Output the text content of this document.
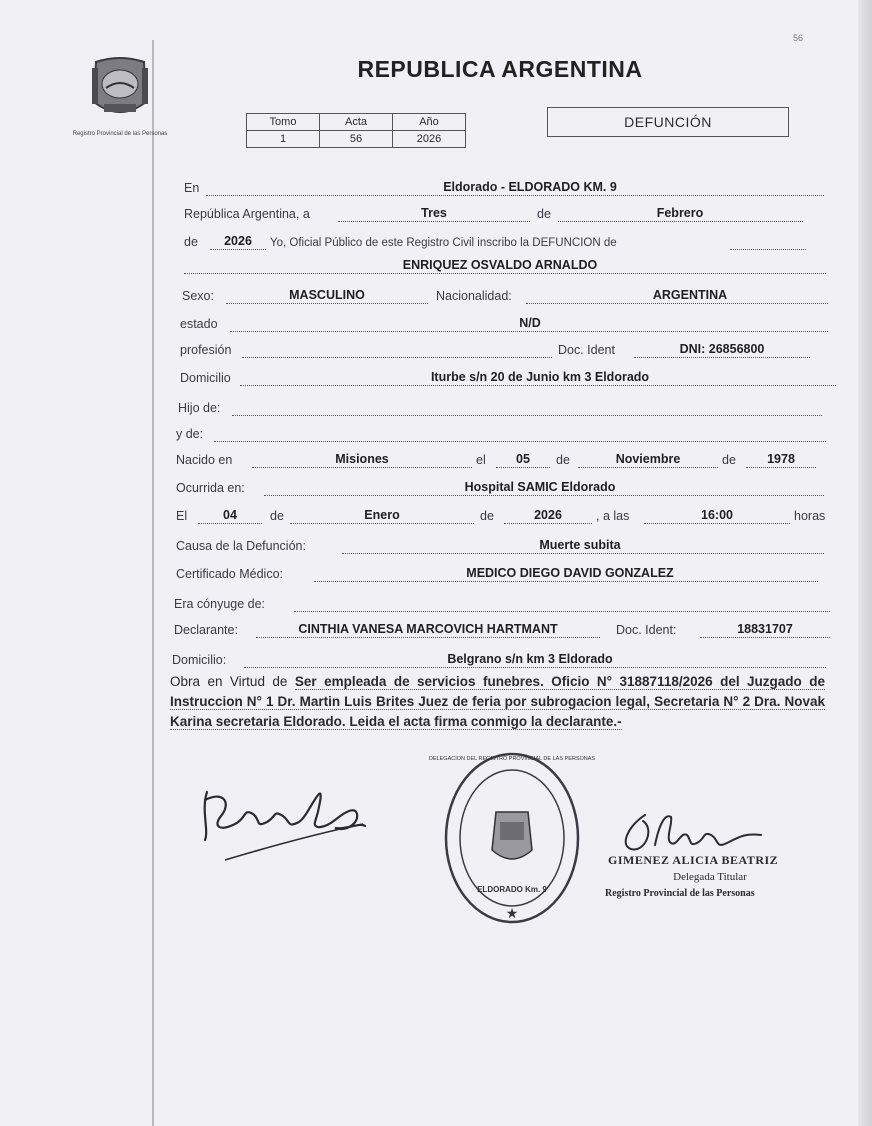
56
Registro Provincial de las Personas
REPUBLICA ARGENTINA
Tomo	Acta	Año
1	56	2026
DEFUNCIÓN
En	Eldorado - ELDORADO KM. 9
República Argentina, a	Tres	de	Febrero
de	2026	Yo, Oficial Público de este Registro Civil inscribo la DEFUNCION de
ENRIQUEZ OSVALDO ARNALDO
Sexo:	MASCULINO	Nacionalidad:	ARGENTINA
estado	N/D
profesión	Doc. Ident	DNI: 26856800
Domicilio	Iturbe s/n 20 de Junio km 3 Eldorado
Hijo de:
y de:
Nacido en	Misiones	el	05	de	Noviembre	de	1978
Ocurrida en:	Hospital SAMIC Eldorado
El	04	de	Enero	de	2026	, a las	16:00	horas
Causa de la Defunción:	Muerte subita
Certificado Médico:	MEDICO DIEGO DAVID GONZALEZ
Era cónyuge de:
Declarante:	CINTHIA VANESA MARCOVICH HARTMANT	Doc. Ident:	18831707
Domicilio:	Belgrano s/n km 3 Eldorado
Obra en Virtud de Ser empleada de servicios funebres. Oficio N° 31887118/2026 del Juzgado de Instruccion N° 1 Dr. Martin Luis Brites Juez de feria por subrogacion legal, Secretaria N° 2 Dra. Novak Karina secretaria Eldorado. Leida el acta firma conmigo la declarante.-
★
ELDORADO Km. 9
DELEGACION DEL REGISTRO PROVINCIAL DE LAS PERSONAS
GIMENEZ ALICIA BEATRIZ
Delegada Titular
Registro Provincial de las Personas
